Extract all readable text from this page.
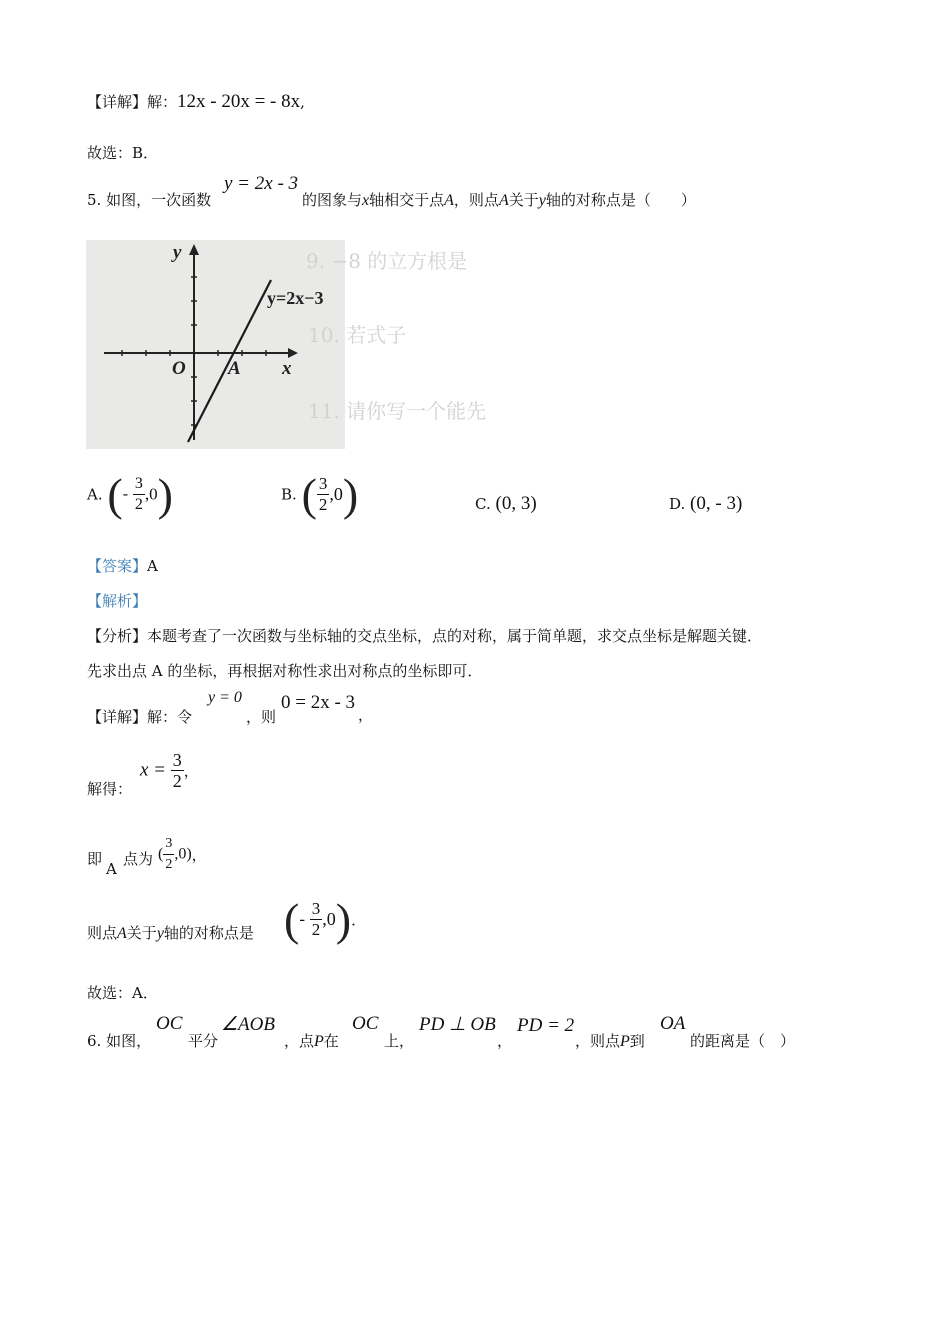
【详解】解：12x - 20x = - 8x,
故选：B．
5. 如图，一次函数
y = 2x - 3
的图象与x轴相交于点A，则点A关于y轴的对称点是（　　）
9. −8 的立方根是
10. 若式子
11. 请你写一个能先
y
x
O A
y=2x−3
A. (- $\frac{3}{2} ,0$)	B. ( $\frac{3}{2} ,0$)	C. (0, 3)	D. (0, - 3)
【答案】A
【解析】
【分析】本题考查了一次函数与坐标轴的交点坐标，点的对称，属于简单题，求交点坐标是解题关键．
先求出点 A 的坐标，再根据对称性求出对称点的坐标即可．
【详解】解：令
y = 0
，则
0 = 2x - 3
，
解得：
$x = \frac{3}{2}$ ，
即
A
点为 ( $\frac{3}{2} ,0$)，
则点A关于y轴的对称点是 (- $\frac{3}{2} ,0$)．
故选：A．
6. 如图，
OC
平分
∠AOB
，点P在
OC
上，
PD ⊥ OB
，
PD = 2
，则点P到
OA
的距离是（　）
